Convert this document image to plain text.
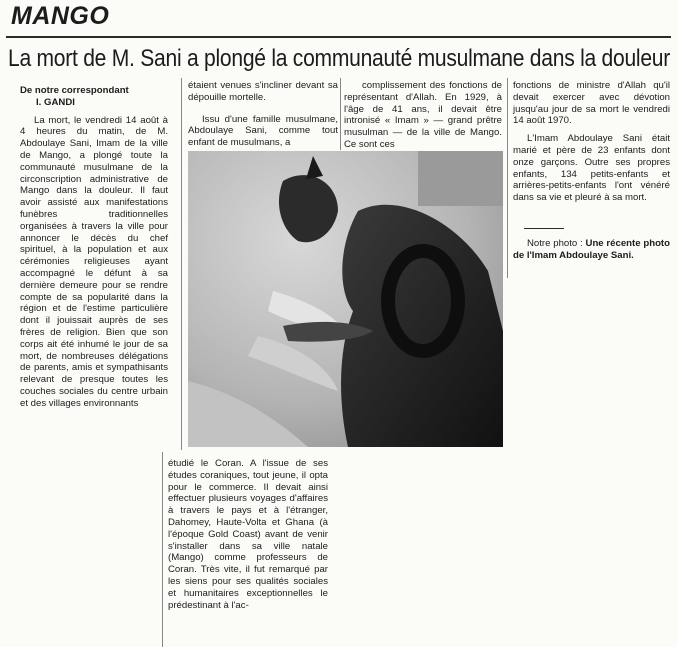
MANGO
La mort de M. Sani a plongé la communauté musulmane dans la douleur

De notre correspondant

I. GANDI

La mort, le vendredi 14 août à 4 heures du matin, de M. Abdoulaye Sani, Imam de la ville de Mango, a plongé toute la communauté musulmane de la circonscription administrative de Mango dans la douleur. Il faut avoir assisté aux manifestations funèbres traditionnelles organisées à travers la ville pour annoncer le décès du chef spirituel, à la population et aux cérémonies religieuses ayant accompagné le défunt à sa dernière demeure pour se rendre compte de sa popularité dans la région et de l'estime particulière dont il jouissait auprès de ses frères de religion. Bien que son corps ait été inhumé le jour de sa mort, de nombreuses délégations de parents, amis et sympathisants relevant de presque toutes les couches sociales du centre urbain et des villages environnants

étaient venues s'incliner devant sa dépouille mortelle.

Issu d'une famille musulmane, Abdoulaye Sani, comme tout enfant de musulmans, a

complissement des fonctions de représentant d'Allah. En 1929, à l'âge de 41 ans, il devait être intronisé « Imam » — grand prêtre musulman — de la ville de Mango. Ce sont ces

étudié le Coran. A l'issue de ses études coraniques, tout jeune, il opta pour le commerce. Il devait ainsi effectuer plusieurs voyages d'affaires à travers le pays et à l'étranger, Dahomey, Haute-Volta et Ghana (à l'époque Gold Coast) avant de venir s'installer dans sa ville natale (Mango) comme professeurs de Coran. Très vite, il fut remarqué par les siens pour ses qualités sociales et humanitaires exceptionnelles le prédestinant à l'ac-

fonctions de ministre d'Allah qu'il devait exercer avec dévotion jusqu'au jour de sa mort le vendredi 14 août 1970.

L'Imam Abdoulaye Sani était marié et père de 23 enfants dont onze garçons. Outre ses propres enfants, 134 petits-enfants et arrières-petits-enfants l'ont vénéré dans sa vie et pleuré à sa mort.

Notre photo : Une récente photo de l'Imam Abdoulaye Sani.
